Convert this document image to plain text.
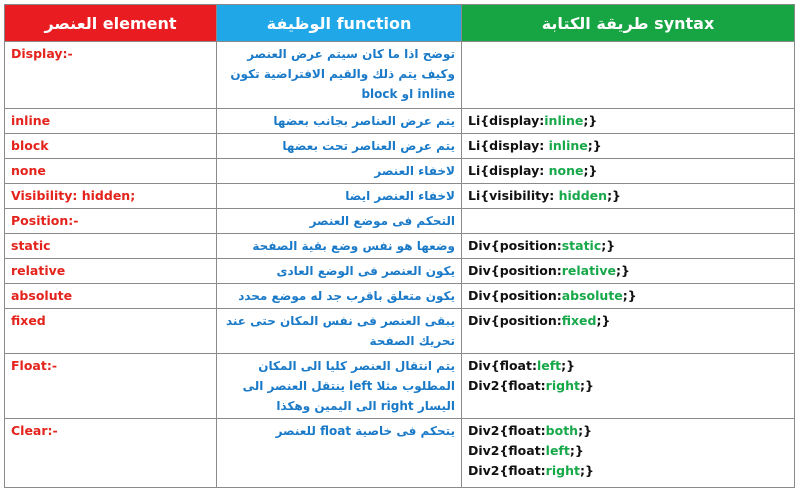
العنصر element	الوظيفة function	طريقة الكتابة syntax
Display:-	توضح اذا ما كان سيتم عرض العنصر
وكيف يتم ذلك والقيم الافتراضية تكون
inline او block	

inline	يتم عرض العناصر بجانب بعضها	Li{display:inline;}

block	يتم عرض العناصر تحت بعضها	Li{display: inline;}

none	لاخفاء العنصر	Li{display: none;}

Visibility: hidden;	لاخفاء العنصر ايضا	Li{visibility: hidden;}

Position:-	التحكم فى موضع العنصر	

static	وضعها هو نفس وضع بقية الصفحة	Div{position:static;}

relative	يكون العنصر فى الوضع العادى	Div{position:relative;}

absolute	يكون متعلق باقرب جد له موضع محدد	Div{position:absolute;}

fixed	يبقى العنصر فى نفس المكان حتى عند
تحريك الصفحة	Div{position:fixed;}

Float:-	يتم انتقال العنصر كليا الى المكان
المطلوب مثلا left ينتقل العنصر الى
اليسار right الى اليمين وهكذا	Div{float:left;}
Div2{float:right;}

Clear:-	يتحكم فى خاصية float للعنصر	Div2{float:both;}
Div2{float:left;}
Div2{float:right;}
